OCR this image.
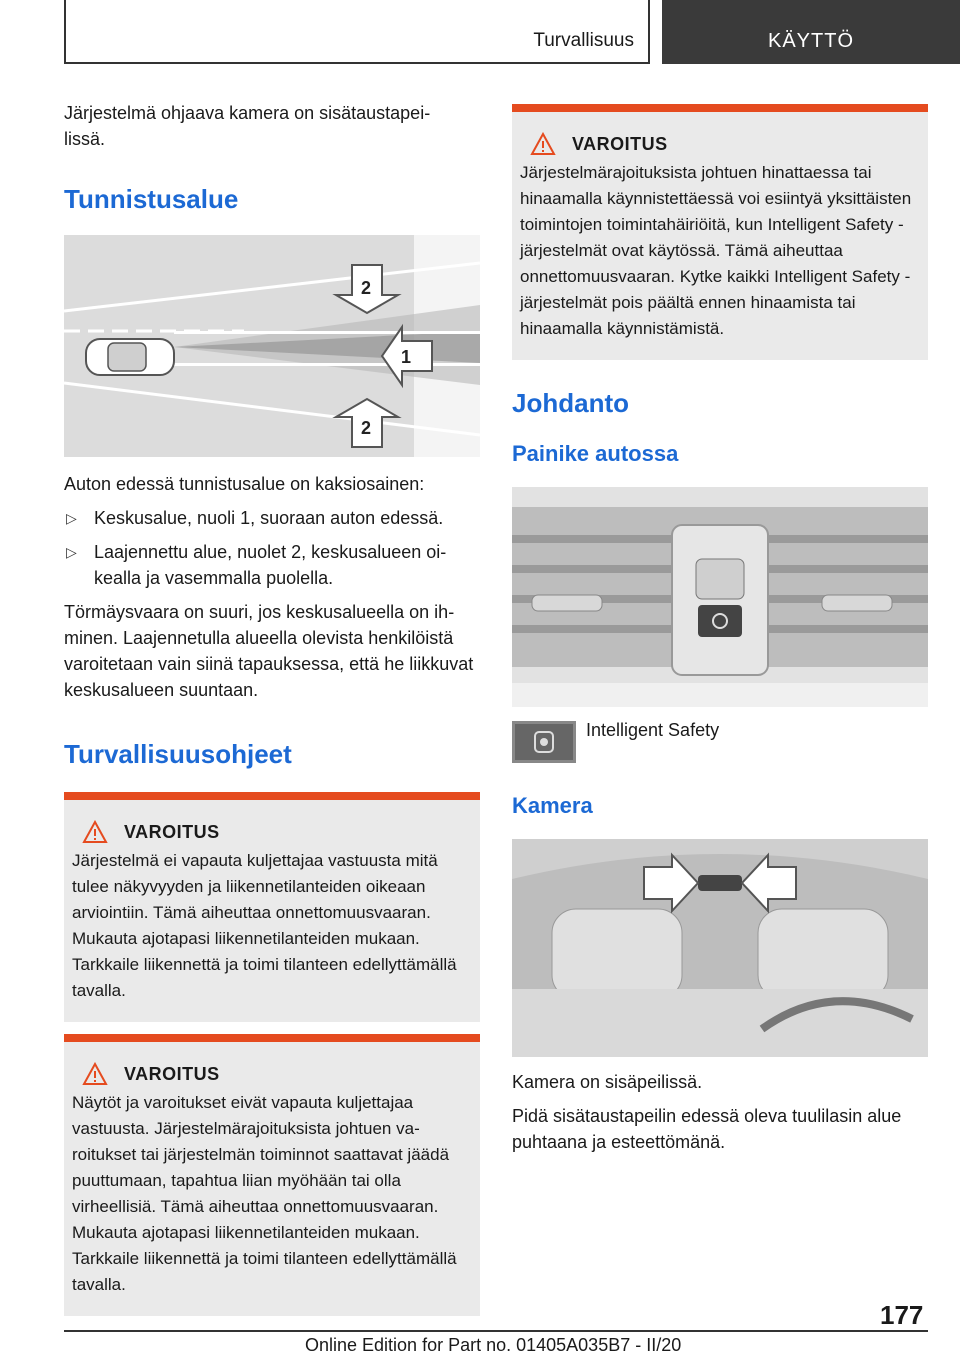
Turvallisuus	KÄYTTÖ

Järjestelmä ohjaava kamera on sisätaustapeilissä.

Tunnistusalue
2
1
2

Auton edessä tunnistusalue on kaksiosainen:

▷ Keskusalue, nuoli 1, suoraan auton edessä.
▷ Laajennettu alue, nuolet 2, keskusalueen oikealla ja vasemmalla puolella.

Törmäysvaara on suuri, jos keskusalueella on ihminen. Laajennetulla alueella olevista henkilöistä varoitetaan vain siinä tapauksessa, että he liikkuvat keskusalueen suuntaan.

Turvallisuusohjeet
VAROITUS

Järjestelmä ei vapauta kuljettajaa vastuusta mitä tulee näkyvyyden ja liikennetilanteiden oikeaan arviointiin. Tämä aiheuttaa onnettomuusvaaran. Mukauta ajotapasi liikennetilanteiden mukaan. Tarkkaile liikennettä ja toimi tilanteen edellyttämällä tavalla.

VAROITUS

Näytöt ja varoitukset eivät vapauta kuljettajaa vastuusta. Järjestelmärajoituksista johtuen varoitukset tai järjestelmän toiminnot saattavat jäädä puuttumaan, tapahtua liian myöhään tai olla virheellisiä. Tämä aiheuttaa onnettomuusvaaran. Mukauta ajotapasi liikennetilanteiden mukaan. Tarkkaile liikennettä ja toimi tilanteen edellyttämällä tavalla.

VAROITUS

Järjestelmärajoituksista johtuen hinattaessa tai hinaamalla käynnistettäessä voi esiintyä yksittäisten toimintojen toimintahäiriöitä, kun Intelligent Safety -järjestelmät ovat käytössä. Tämä aiheuttaa onnettomuusvaaran. Kytke kaikki Intelligent Safety -järjestelmät pois päältä ennen hinaamista tai hinaamalla käynnistämistä.

Johdanto
Painike autossa
Intelligent Safety
Kamera

Kamera on sisäpeilissä.

Pidä sisätaustapeilin edessä oleva tuulilasin alue puhtaana ja esteettömänä.

177
Online Edition for Part no. 01405A035B7 - II/20
